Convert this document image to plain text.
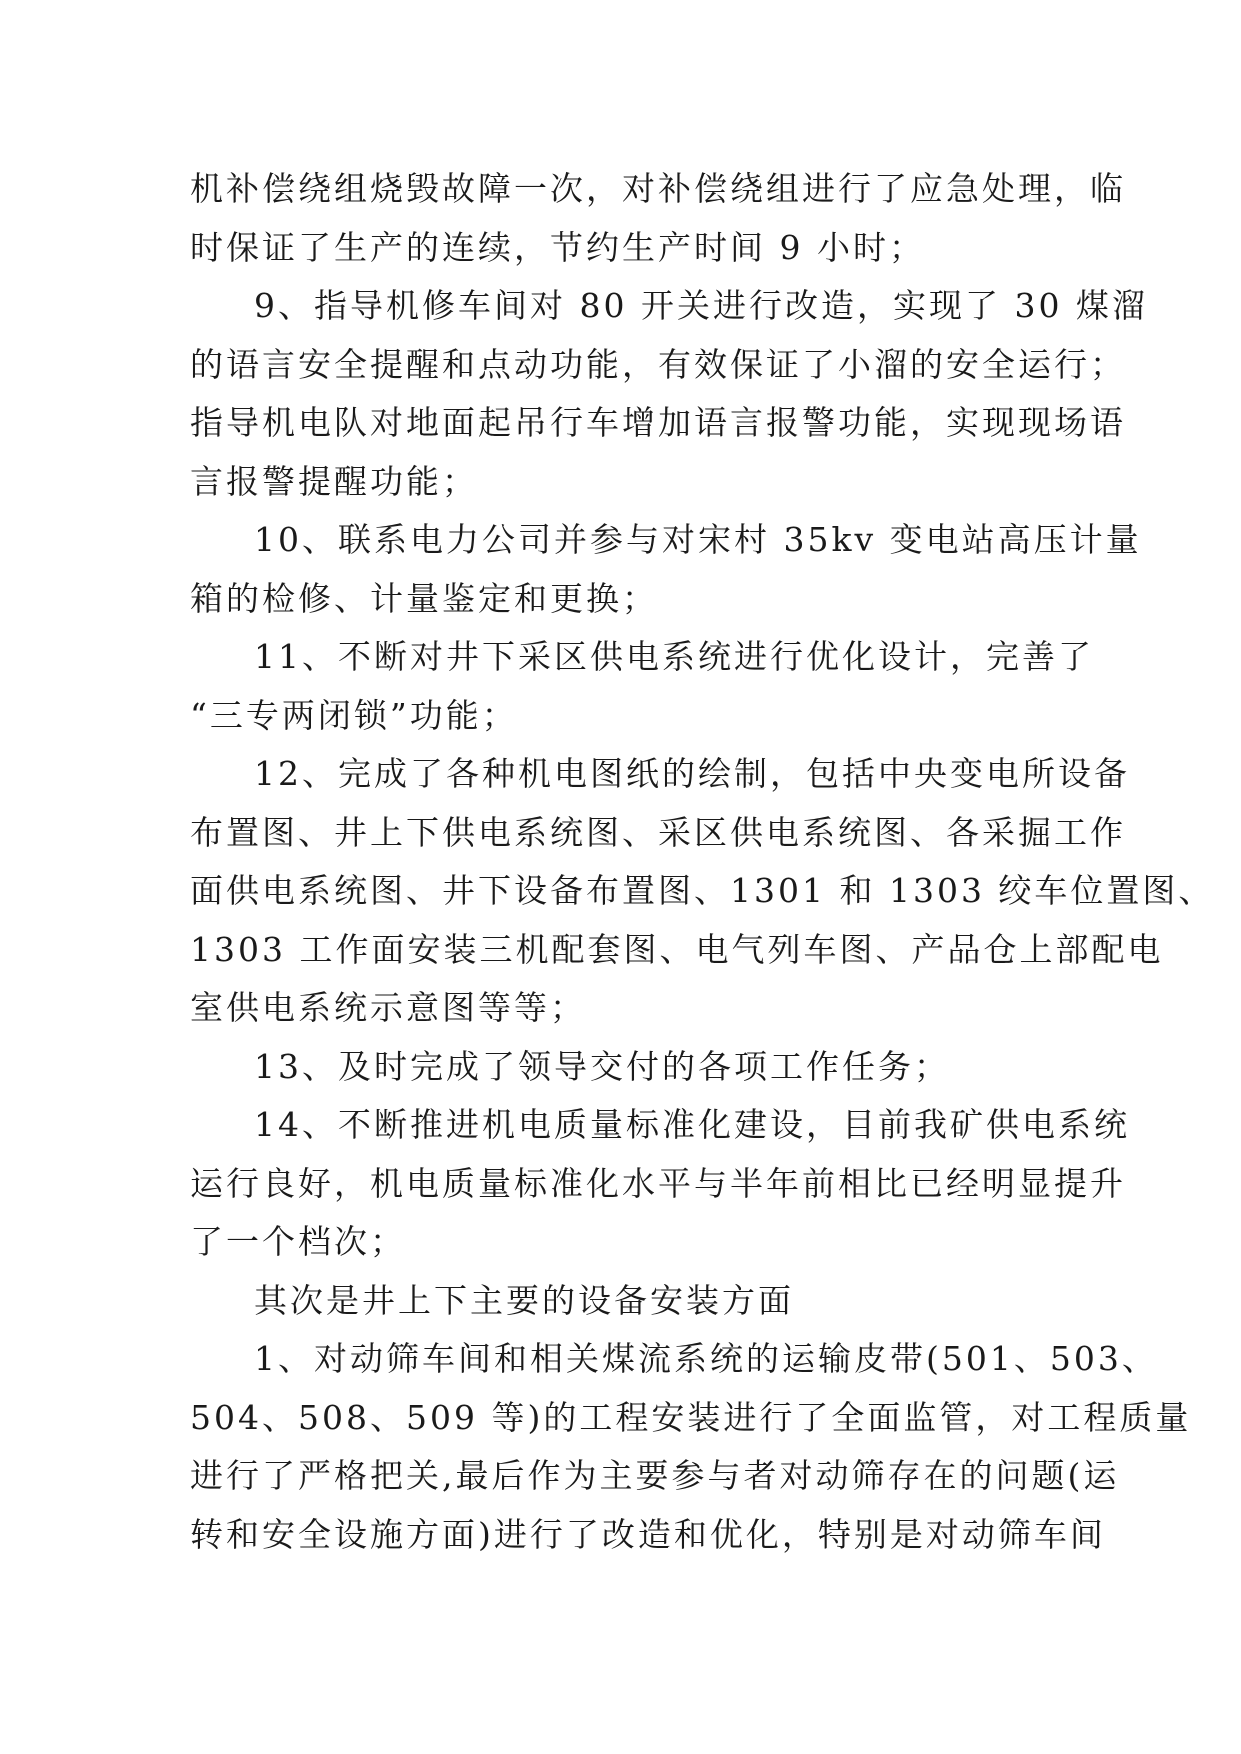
机补偿绕组烧毁故障一次，对补偿绕组进行了应急处理，临
时保证了生产的连续，节约生产时间 9 小时；
9、指导机修车间对 80 开关进行改造，实现了 30 煤溜
的语言安全提醒和点动功能，有效保证了小溜的安全运行；
指导机电队对地面起吊行车增加语言报警功能，实现现场语
言报警提醒功能；
10、联系电力公司并参与对宋村 35kv 变电站高压计量
箱的检修、计量鉴定和更换；
11、不断对井下采区供电系统进行优化设计，完善了
“三专两闭锁”功能；
12、完成了各种机电图纸的绘制，包括中央变电所设备
布置图、井上下供电系统图、采区供电系统图、各采掘工作
面供电系统图、井下设备布置图、1301 和 1303 绞车位置图、
1303 工作面安装三机配套图、电气列车图、产品仓上部配电
室供电系统示意图等等；
13、及时完成了领导交付的各项工作任务；
14、不断推进机电质量标准化建设，目前我矿供电系统
运行良好，机电质量标准化水平与半年前相比已经明显提升
了一个档次；
其次是井上下主要的设备安装方面
1、对动筛车间和相关煤流系统的运输皮带(501、503、
504、508、509 等)的工程安装进行了全面监管，对工程质量
进行了严格把关,最后作为主要参与者对动筛存在的问题(运
转和安全设施方面)进行了改造和优化，特别是对动筛车间
